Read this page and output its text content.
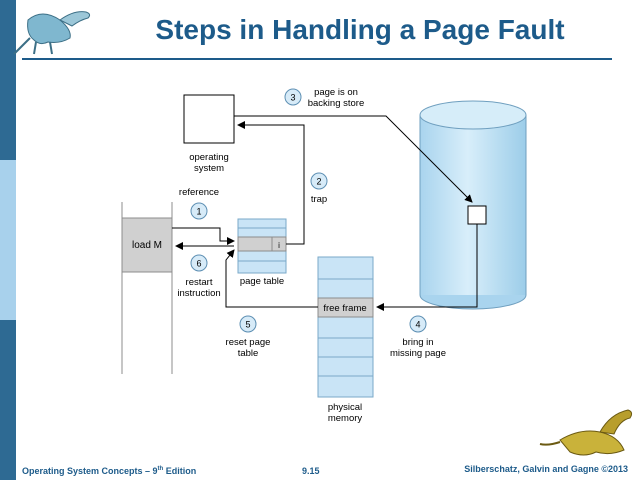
Steps in Handling a Page Fault
load M
operating
system
i
page table
free frame
physical
memory
1
2
3
4
5
6
reference
trap
page is on
backing store
bring in
missing page
reset page
table
restart
instruction
Operating System Concepts – 9th Edition	9.15	Silberschatz, Galvin and Gagne ©2013
